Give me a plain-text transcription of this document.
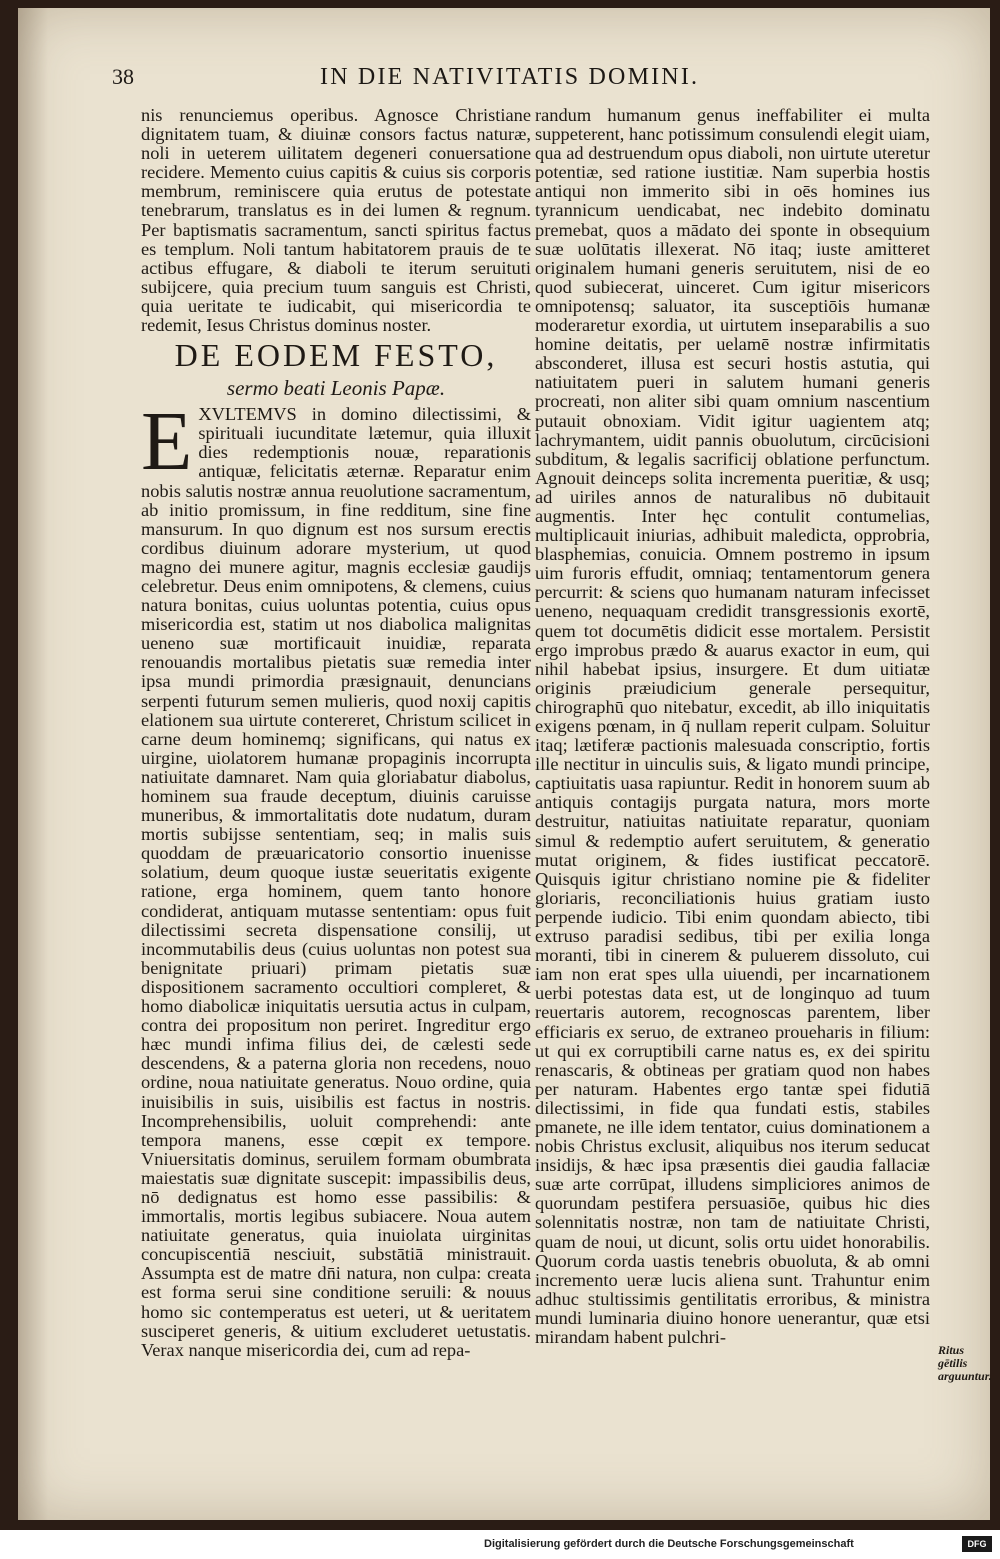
38	IN DIE NATIVITATIS DOMINI.

nis renunciemus operibus. Agnosce Christiane dignitatem tuam, & diuinæ consors factus naturæ, noli in ueterem uilitatem degeneri conuersatione recidere. Memento cuius capitis & cuius sis corporis membrum, reminiscere quia erutus de potestate tenebrarum, translatus es in dei lumen & regnum. Per baptismatis sacramentum, sancti spiritus factus es templum. Noli tantum habitatorem prauis de te actibus effugare, & diaboli te iterum seruituti subijcere, quia precium tuum sanguis est Christi, quia ueritate te iudicabit, qui misericordia te redemit, Iesus Christus dominus noster.

DE EODEM FESTO,
sermo beati Leonis Papæ.

EXVLTEMVS in domino dilectissimi, & spirituali iucunditate lætemur, quia illuxit dies redemptionis nouæ, reparationis antiquæ, felicitatis æternæ. Reparatur enim nobis salutis nostræ annua reuolutione sacramentum, ab initio promissum, in fine redditum, sine fine mansurum. In quo dignum est nos sursum erectis cordibus diuinum adorare mysterium, ut quod magno dei munere agitur, magnis ecclesiæ gaudijs celebretur. Deus enim omnipotens, & clemens, cuius natura bonitas, cuius uoluntas potentia, cuius opus misericordia est, statim ut nos diabolica malignitas ueneno suæ mortificauit inuidiæ, reparata renouandis mortalibus pietatis suæ remedia inter ipsa mundi primordia præsignauit, denuncians serpenti futurum semen mulieris, quod noxij capitis elationem sua uirtute contereret, Christum scilicet in carne deum hominemq; significans, qui natus ex uirgine, uiolatorem humanæ propaginis incorrupta natiuitate damnaret. Nam quia gloriabatur diabolus, hominem sua fraude deceptum, diuinis caruisse muneribus, & immortalitatis dote nudatum, duram mortis subijsse sententiam, seq; in malis suis quoddam de præuaricatorio consortio inuenisse solatium, deum quoque iustæ seueritatis exigente ratione, erga hominem, quem tanto honore condiderat, antiquam mutasse sententiam: opus fuit dilectissimi secreta dispensatione consilij, ut incommutabilis deus (cuius uoluntas non potest sua benignitate priuari) primam pietatis suæ dispositionem sacramento occultiori compleret, & homo diabolicæ iniquitatis uersutia actus in culpam, contra dei propositum non periret. Ingreditur ergo hæc mundi infima filius dei, de cælesti sede descendens, & a paterna gloria non recedens, nouo ordine, noua natiuitate generatus. Nouo ordine, quia inuisibilis in suis, uisibilis est factus in nostris. Incomprehensibilis, uoluit comprehendi: ante tempora manens, esse cœpit ex tempore. Vniuersitatis dominus, seruilem formam obumbrata maiestatis suæ dignitate suscepit: impassibilis deus, nō dedignatus est homo esse passibilis: & immortalis, mortis legibus subiacere. Noua autem natiuitate generatus, quia inuiolata uirginitas concupiscentiā nesciuit, substātiā ministrauit. Assumpta est de matre dn̄i natura, non culpa: creata est forma serui sine conditione seruili: & nouus homo sic contemperatus est ueteri, ut & ueritatem susciperet generis, & uitium excluderet uetustatis. Verax nanque misericordia dei, cum ad repa-

randum humanum genus ineffabiliter ei multa suppeterent, hanc potissimum consulendi elegit uiam, qua ad destruendum opus diaboli, non uirtute uteretur potentiæ, sed ratione iustitiæ. Nam superbia hostis antiqui non immerito sibi in oēs homines ius tyrannicum uendicabat, nec indebito dominatu premebat, quos a mādato dei sponte in obsequium suæ uolūtatis illexerat. Nō itaq; iuste amitteret originalem humani generis seruitutem, nisi de eo quod subiecerat, uinceret. Cum igitur misericors omnipotensq; saluator, ita susceptiōis humanæ moderaretur exordia, ut uirtutem inseparabilis a suo homine deitatis, per uelamē nostræ infirmitatis absconderet, illusa est securi hostis astutia, qui natiuitatem pueri in salutem humani generis procreati, non aliter sibi quam omnium nascentium putauit obnoxiam. Vidit igitur uagientem atq; lachrymantem, uidit pannis obuolutum, circūcisioni subditum, & legalis sacrificij oblatione perfunctum. Agnouit deinceps solita incrementa pueritiæ, & usq; ad uiriles annos de naturalibus nō dubitauit augmentis. Inter hęc contulit contumelias, multiplicauit iniurias, adhibuit maledicta, opprobria, blasphemias, conuicia. Omnem postremo in ipsum uim furoris effudit, omniaq; tentamentorum genera percurrit: & sciens quo humanam naturam infecisset ueneno, nequaquam credidit transgressionis exortē, quem tot documētis didicit esse mortalem. Persistit ergo improbus prædo & auarus exactor in eum, qui nihil habebat ipsius, insurgere. Et dum uitiatæ originis præiudicium generale persequitur, chirographū quo nitebatur, excedit, ab illo iniquitatis exigens pœnam, in q̄ nullam reperit culpam. Soluitur itaq; lætiferæ pactionis malesuada conscriptio, fortis ille nectitur in uinculis suis, & ligato mundi principe, captiuitatis uasa rapiuntur. Redit in honorem suum ab antiquis contagijs purgata natura, mors morte destruitur, natiuitas natiuitate reparatur, quoniam simul & redemptio aufert seruitutem, & generatio mutat originem, & fides iustificat peccatorē. Quisquis igitur christiano nomine pie & fideliter gloriaris, reconciliationis huius gratiam iusto perpende iudicio. Tibi enim quondam abiecto, tibi extruso paradisi sedibus, tibi per exilia longa moranti, tibi in cinerem & puluerem dissoluto, cui iam non erat spes ulla uiuendi, per incarnationem uerbi potestas data est, ut de longinquo ad tuum reuertaris autorem, recognoscas parentem, liber efficiaris ex seruo, de extraneo proueharis in filium: ut qui ex corruptibili carne natus es, ex dei spiritu renascaris, & obtineas per gratiam quod non habes per naturam. Habentes ergo tantæ spei fidutiā dilectissimi, in fide qua fundati estis, stabiles pmanete, ne ille idem tentator, cuius dominationem a nobis Christus exclusit, aliquibus nos iterum seducat insidijs, & hæc ipsa præsentis diei gaudia fallaciæ suæ arte corrūpat, illudens simpliciores animos de quorundam pestifera persuasiōe, quibus hic dies solennitatis nostræ, non tam de natiuitate Christi, quam de noui, ut dicunt, solis ortu uidet honorabilis. Quorum corda uastis tenebris obuoluta, & ab omni incremento ueræ lucis aliena sunt. Trahuntur enim adhuc stultissimis gentilitatis erroribus, & ministra mundi luminaria diuino honore uenerantur, quæ etsi mirandam habent pulchri-

Ritus gētilis arguuntur.
Digitalisierung gefördert durch die Deutsche Forschungsgemeinschaft	DFG
